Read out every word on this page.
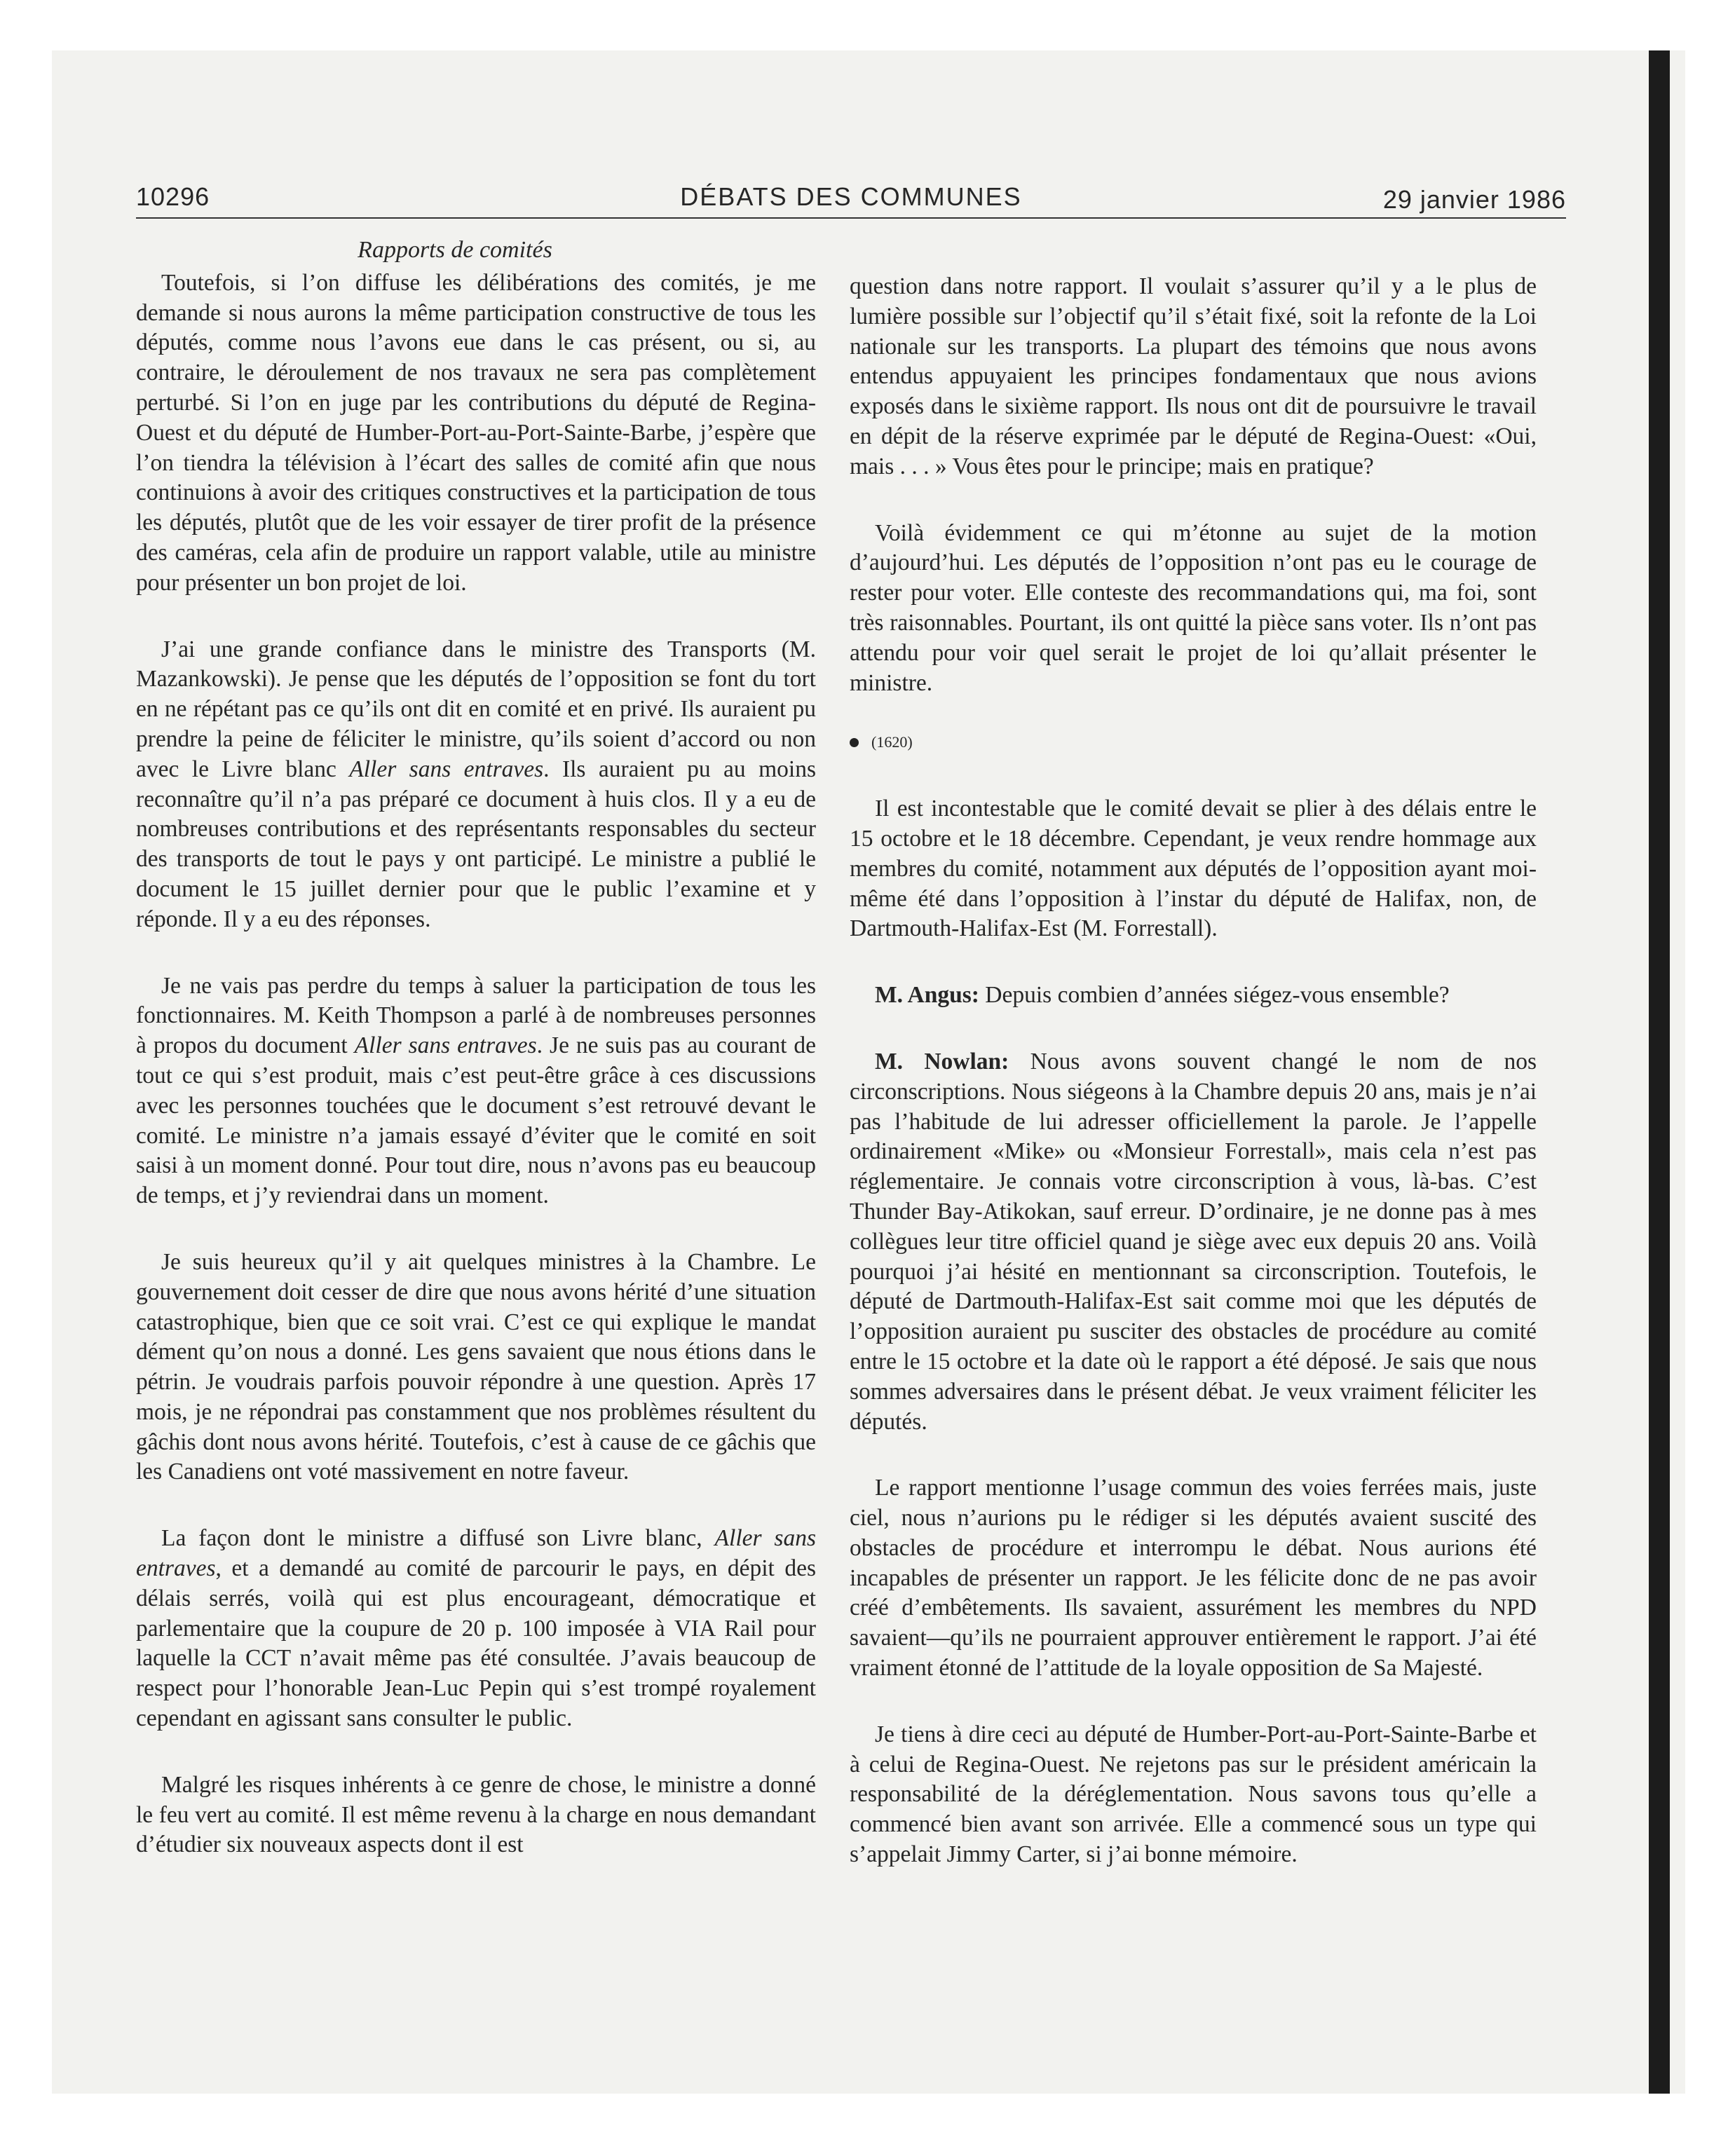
10296	DÉBATS DES COMMUNES	29 janvier 1986
Rapports de comités

Toutefois, si l’on diffuse les délibérations des comités, je me demande si nous aurons la même participation constructive de tous les députés, comme nous l’avons eue dans le cas présent, ou si, au contraire, le déroulement de nos travaux ne sera pas complètement perturbé. Si l’on en juge par les contributions du député de Regina-Ouest et du député de Humber-Port-au-Port-Sainte-Barbe, j’espère que l’on tiendra la télévision à l’écart des salles de comité afin que nous continuions à avoir des critiques constructives et la participation de tous les députés, plutôt que de les voir essayer de tirer profit de la présence des caméras, cela afin de produire un rapport valable, utile au ministre pour présenter un bon projet de loi.

J’ai une grande confiance dans le ministre des Transports (M. Mazankowski). Je pense que les députés de l’opposition se font du tort en ne répétant pas ce qu’ils ont dit en comité et en privé. Ils auraient pu prendre la peine de féliciter le ministre, qu’ils soient d’accord ou non avec le Livre blanc Aller sans entraves. Ils auraient pu au moins reconnaître qu’il n’a pas préparé ce document à huis clos. Il y a eu de nombreuses contributions et des représentants responsables du secteur des transports de tout le pays y ont participé. Le ministre a publié le document le 15 juillet dernier pour que le public l’examine et y réponde. Il y a eu des réponses.

Je ne vais pas perdre du temps à saluer la participation de tous les fonctionnaires. M. Keith Thompson a parlé à de nombreuses personnes à propos du document Aller sans entraves. Je ne suis pas au courant de tout ce qui s’est produit, mais c’est peut-être grâce à ces discussions avec les personnes touchées que le document s’est retrouvé devant le comité. Le ministre n’a jamais essayé d’éviter que le comité en soit saisi à un moment donné. Pour tout dire, nous n’avons pas eu beaucoup de temps, et j’y reviendrai dans un moment.

Je suis heureux qu’il y ait quelques ministres à la Chambre. Le gouvernement doit cesser de dire que nous avons hérité d’une situation catastrophique, bien que ce soit vrai. C’est ce qui explique le mandat dément qu’on nous a donné. Les gens savaient que nous étions dans le pétrin. Je voudrais parfois pouvoir répondre à une question. Après 17 mois, je ne répondrai pas constamment que nos problèmes résultent du gâchis dont nous avons hérité. Toutefois, c’est à cause de ce gâchis que les Canadiens ont voté massivement en notre faveur.

La façon dont le ministre a diffusé son Livre blanc, Aller sans entraves, et a demandé au comité de parcourir le pays, en dépit des délais serrés, voilà qui est plus encourageant, démocratique et parlementaire que la coupure de 20 p. 100 imposée à VIA Rail pour laquelle la CCT n’avait même pas été consultée. J’avais beaucoup de respect pour l’honorable Jean-Luc Pepin qui s’est trompé royalement cependant en agissant sans consulter le public.

Malgré les risques inhérents à ce genre de chose, le ministre a donné le feu vert au comité. Il est même revenu à la charge en nous demandant d’étudier six nouveaux aspects dont il est

question dans notre rapport. Il voulait s’assurer qu’il y a le plus de lumière possible sur l’objectif qu’il s’était fixé, soit la refonte de la Loi nationale sur les transports. La plupart des témoins que nous avons entendus appuyaient les principes fondamentaux que nous avions exposés dans le sixième rapport. Ils nous ont dit de poursuivre le travail en dépit de la réserve exprimée par le député de Regina-Ouest: «Oui, mais . . . » Vous êtes pour le principe; mais en pratique?

Voilà évidemment ce qui m’étonne au sujet de la motion d’aujourd’hui. Les députés de l’opposition n’ont pas eu le courage de rester pour voter. Elle conteste des recommandations qui, ma foi, sont très raisonnables. Pourtant, ils ont quitté la pièce sans voter. Ils n’ont pas attendu pour voir quel serait le projet de loi qu’allait présenter le ministre.

(1620)

Il est incontestable que le comité devait se plier à des délais entre le 15 octobre et le 18 décembre. Cependant, je veux rendre hommage aux membres du comité, notamment aux députés de l’opposition ayant moi-même été dans l’opposition à l’instar du député de Halifax, non, de Dartmouth-Halifax-Est (M. Forrestall).

M. Angus: Depuis combien d’années siégez-vous ensemble?

M. Nowlan: Nous avons souvent changé le nom de nos circonscriptions. Nous siégeons à la Chambre depuis 20 ans, mais je n’ai pas l’habitude de lui adresser officiellement la parole. Je l’appelle ordinairement «Mike» ou «Monsieur Forrestall», mais cela n’est pas réglementaire. Je connais votre circonscription à vous, là-bas. C’est Thunder Bay-Atikokan, sauf erreur. D’ordinaire, je ne donne pas à mes collègues leur titre officiel quand je siège avec eux depuis 20 ans. Voilà pourquoi j’ai hésité en mentionnant sa circonscription. Toutefois, le député de Dartmouth-Halifax-Est sait comme moi que les députés de l’opposition auraient pu susciter des obstacles de procédure au comité entre le 15 octobre et la date où le rapport a été déposé. Je sais que nous sommes adversaires dans le présent débat. Je veux vraiment féliciter les députés.

Le rapport mentionne l’usage commun des voies ferrées mais, juste ciel, nous n’aurions pu le rédiger si les députés avaient suscité des obstacles de procédure et interrompu le débat. Nous aurions été incapables de présenter un rapport. Je les félicite donc de ne pas avoir créé d’embêtements. Ils savaient, assurément les membres du NPD savaient—qu’ils ne pourraient approuver entièrement le rapport. J’ai été vraiment étonné de l’attitude de la loyale opposition de Sa Majesté.

Je tiens à dire ceci au député de Humber-Port-au-Port-Sainte-Barbe et à celui de Regina-Ouest. Ne rejetons pas sur le président américain la responsabilité de la déréglementation. Nous savons tous qu’elle a commencé bien avant son arrivée. Elle a commencé sous un type qui s’appelait Jimmy Carter, si j’ai bonne mémoire.
